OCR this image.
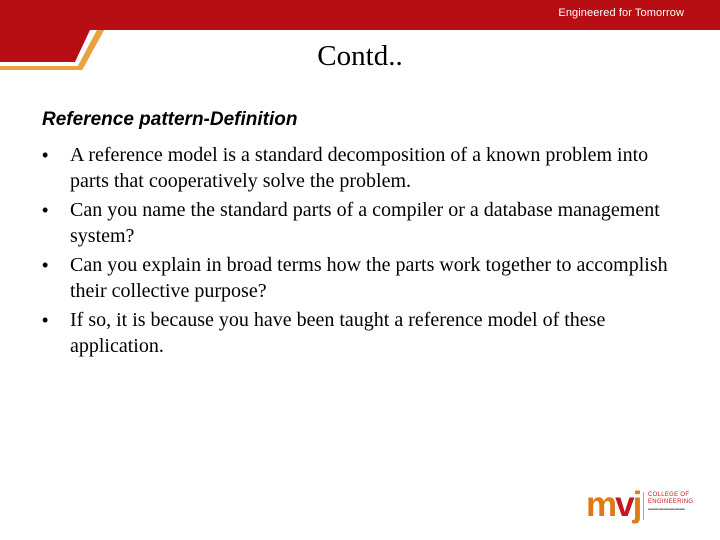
Engineered for Tomorrow
Contd..
Reference pattern-Definition
•	A reference model is a standard decomposition of a known problem into parts that cooperatively solve the problem.
•	Can you name the standard parts of a compiler or a database management system?
•	Can you explain in broad terms how the parts work together to accomplish their collective purpose?
•	If so, it is because you have been taught a reference model of these application.
mvj COLLEGE OF
ENGINEERING
▬▬▬▬▬▬▬
